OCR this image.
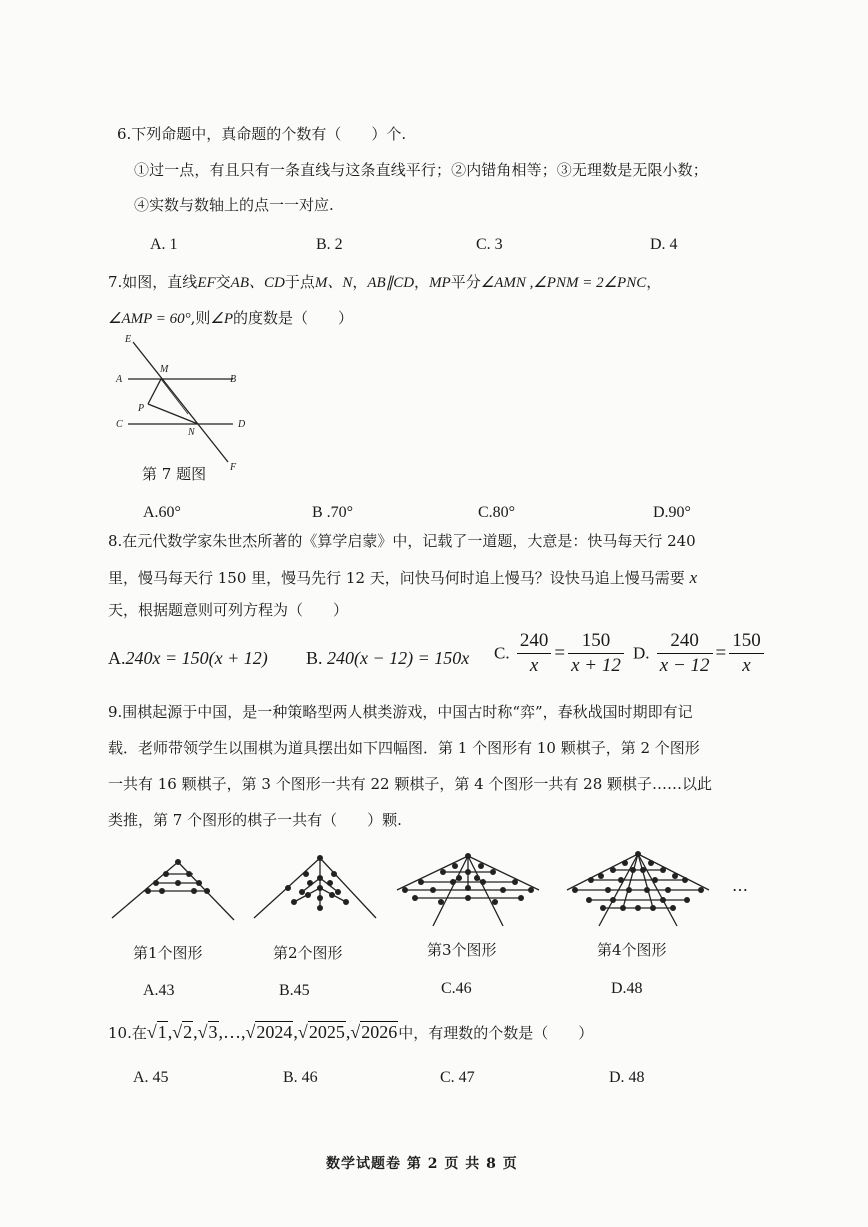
6.下列命题中，真命题的个数有（　　）个.
①过一点，有且只有一条直线与这条直线平行；②内错角相等；③无理数是无限小数；
④实数与数轴上的点一一对应.
A. 1	B. 2	C. 3	D. 4
7.如图，直线EF交AB、CD于点M、N，AB∥CD，MP平分∠AMN ,∠PNM = 2∠PNC，
∠AMP = 60°,则∠P的度数是（　　）
E
M
A	B
P
C
N
D
F
第 7 题图
A.60°	B .70°	C.80°	D.90°
8.在元代数学家朱世杰所著的《算学启蒙》中，记载了一道题，大意是：快马每天行 240
里，慢马每天行 150 里，慢马先行 12 天，问快马何时追上慢马？设快马追上慢马需要 x
天，根据题意则可列方程为（　　）
A.240x = 150(x + 12) B. 240(x − 12) = 150x C. $\frac{240}{x} = \frac{150}{x + 12} D$. $\frac{240}{x - 12} = \frac{150}{x}$
9.围棋起源于中国，是一种策略型两人棋类游戏，中国古时称“弈”，春秋战国时期即有记
载．老师带领学生以围棋为道具摆出如下四幅图．第 1 个图形有 10 颗棋子，第 2 个图形
一共有 16 颗棋子，第 3 个图形一共有 22 颗棋子，第 4 个图形一共有 28 颗棋子……以此
类推，第 7 个图形的棋子一共有（　　）颗.
…
第1个图形	第2个图形	第3个图形	第4个图形
A.43	B.45	C.46	D.48
10.在√1,√2,√3,…,√2024,√2025,√2026中，有理数的个数是（　　）
A. 45	B. 46	C. 47	D. 48
数学试题卷 第 2 页 共 8 页
